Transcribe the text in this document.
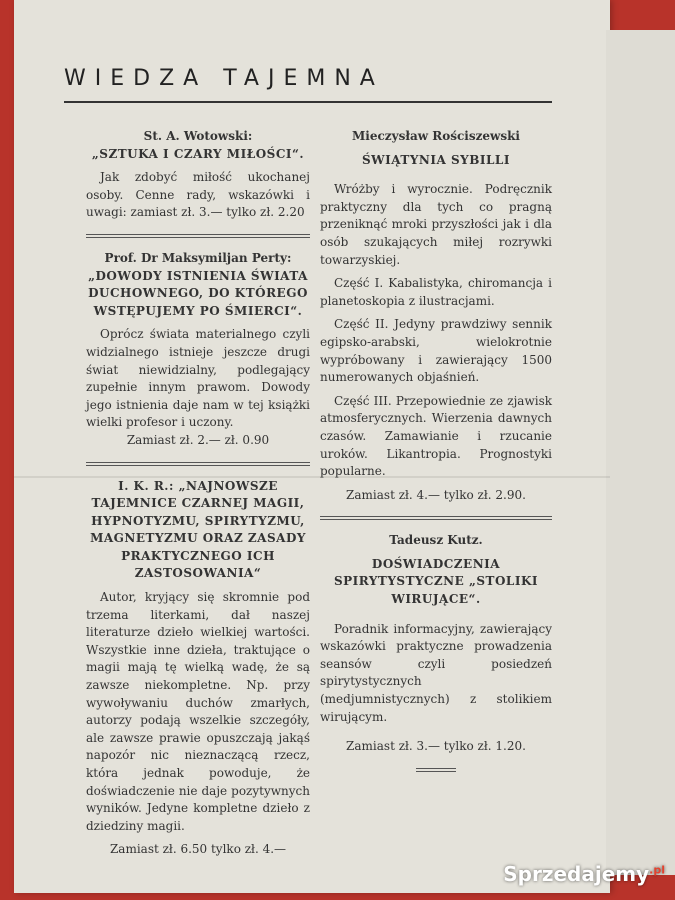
WIEDZA TAJEMNA

St. A. Wotowski:

„SZTUKA I CZARY MIŁOŚCI“.

Jak zdobyć miłość ukochanej osoby. Cenne rady, wskazówki i uwagi: zamiast zł. 3.— tylko zł. 2.20

Prof. Dr Maksymiljan Perty:

„DOWODY ISTNIENIA ŚWIATA DUCHOWNEGO, DO KTÓREGO WSTĘPUJEMY PO ŚMIERCI“.

Oprócz świata materialnego czyli widzialnego istnieje jeszcze drugi świat niewidzialny, podlegający zupełnie innym prawom. Dowody jego istnienia daje nam w tej książki wielki profesor i uczony.

Zamiast zł. 2.— zł. 0.90

I. K. R.: „NAJNOWSZE TAJEMNICE CZARNEJ MAGII, HYPNOTYZMU, SPIRYTYZMU, MAGNETYZMU ORAZ ZASADY PRAKTYCZNEGO ICH ZASTOSOWANIA“

Autor, kryjący się skromnie pod trzema literkami, dał naszej literaturze dzieło wielkiej wartości. Wszystkie inne dzieła, traktujące o magii mają tę wielką wadę, że są zawsze niekompletne. Np. przy wywoływaniu duchów zmarłych, autorzy podają wszelkie szczegóły, ale zawsze prawie opuszczają jakąś napozór nic nieznaczącą rzecz, która jednak powoduje, że doświadczenie nie daje pozytywnych wyników. Jedyne kompletne dzieło z dziedziny magii.

Zamiast zł. 6.50 tylko zł. 4.—

Mieczysław Rościszewski

ŚWIĄTYNIA SYBILLI

Wróżby i wyrocznie. Podręcznik praktyczny dla tych co pragną przeniknąć mroki przyszłości jak i dla osób szukających miłej rozrywki towarzyskiej.

Część I. Kabalistyka, chiromancja i planetoskopia z ilustracjami.

Część II. Jedyny prawdziwy sennik egipsko-arabski, wielokrotnie wypróbowany i zawierający 1500 numerowanych objaśnień.

Część III. Przepowiednie ze zjawisk atmosferycznych. Wierzenia dawnych czasów. Zamawianie i rzucanie uroków. Likantropia. Prognostyki popularne.

Zamiast zł. 4.— tylko zł. 2.90.

Tadeusz Kutz.

DOŚWIADCZENIA SPIRYTYSTYCZNE „STOLIKI WIRUJĄCE“.

Poradnik informacyjny, zawierający wskazówki praktyczne prowadzenia seansów czyli posiedzeń spirytystycznych (medjumnistycznych) z stolikiem wirującym.

Zamiast zł. 3.— tylko zł. 1.20.

Sprzedajemy$^{.pl}$
